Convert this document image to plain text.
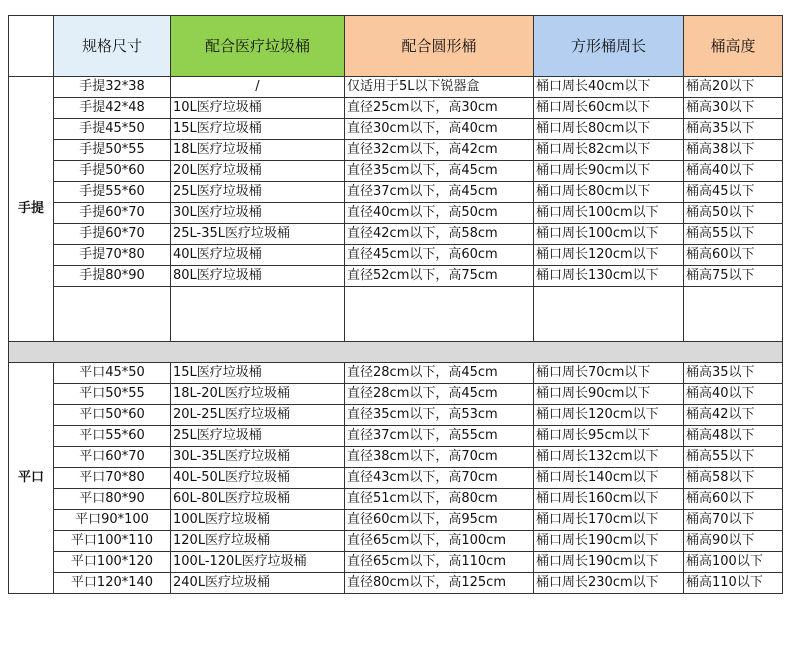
	规格尺寸	配合医疗垃圾桶	配合圆形桶	方形桶周长	桶高度
手提	手提32*38	/	仅适用于5L以下锐器盒	桶口周长40cm以下	桶高20以下
	手提42*48	10L医疗垃圾桶	直径25cm以下，高30cm	桶口周长60cm以下	桶高30以下
	手提45*50	15L医疗垃圾桶	直径30cm以下，高40cm	桶口周长80cm以下	桶高35以下
	手提50*55	18L医疗垃圾桶	直径32cm以下，高42cm	桶口周长82cm以下	桶高38以下
	手提50*60	20L医疗垃圾桶	直径35cm以下，高45cm	桶口周长90cm以下	桶高40以下
	手提55*60	25L医疗垃圾桶	直径37cm以下，高45cm	桶口周长80cm以下	桶高45以下
	手提60*70	30L医疗垃圾桶	直径40cm以下，高50cm	桶口周长100cm以下	桶高50以下
	手提60*70	25L-35L医疗垃圾桶	直径42cm以下，高58cm	桶口周长100cm以下	桶高55以下
	手提70*80	40L医疗垃圾桶	直径45cm以下，高60cm	桶口周长120cm以下	桶高60以下
	手提80*90	80L医疗垃圾桶	直径52cm以下，高75cm	桶口周长130cm以下	桶高75以下

平口	平口45*50	15L医疗垃圾桶	直径28cm以下，高45cm	桶口周长70cm以下	桶高35以下
	平口50*55	18L-20L医疗垃圾桶	直径28cm以下，高45cm	桶口周长90cm以下	桶高40以下
	平口50*60	20L-25L医疗垃圾桶	直径35cm以下，高53cm	桶口周长120cm以下	桶高42以下
	平口55*60	25L医疗垃圾桶	直径37cm以下，高55cm	桶口周长95cm以下	桶高48以下
	平口60*70	30L-35L医疗垃圾桶	直径38cm以下，高70cm	桶口周长132cm以下	桶高55以下
	平口70*80	40L-50L医疗垃圾桶	直径43cm以下，高70cm	桶口周长140cm以下	桶高58以下
	平口80*90	60L-80L医疗垃圾桶	直径51cm以下，高80cm	桶口周长160cm以下	桶高60以下
	平口90*100	100L医疗垃圾桶	直径60cm以下，高95cm	桶口周长170cm以下	桶高70以下
	平口100*110	120L医疗垃圾桶	直径65cm以下，高100cm	桶口周长190cm以下	桶高90以下
	平口100*120	100L-120L医疗垃圾桶	直径65cm以下，高110cm	桶口周长190cm以下	桶高100以下
	平口120*140	240L医疗垃圾桶	直径80cm以下，高125cm	桶口周长230cm以下	桶高110以下
